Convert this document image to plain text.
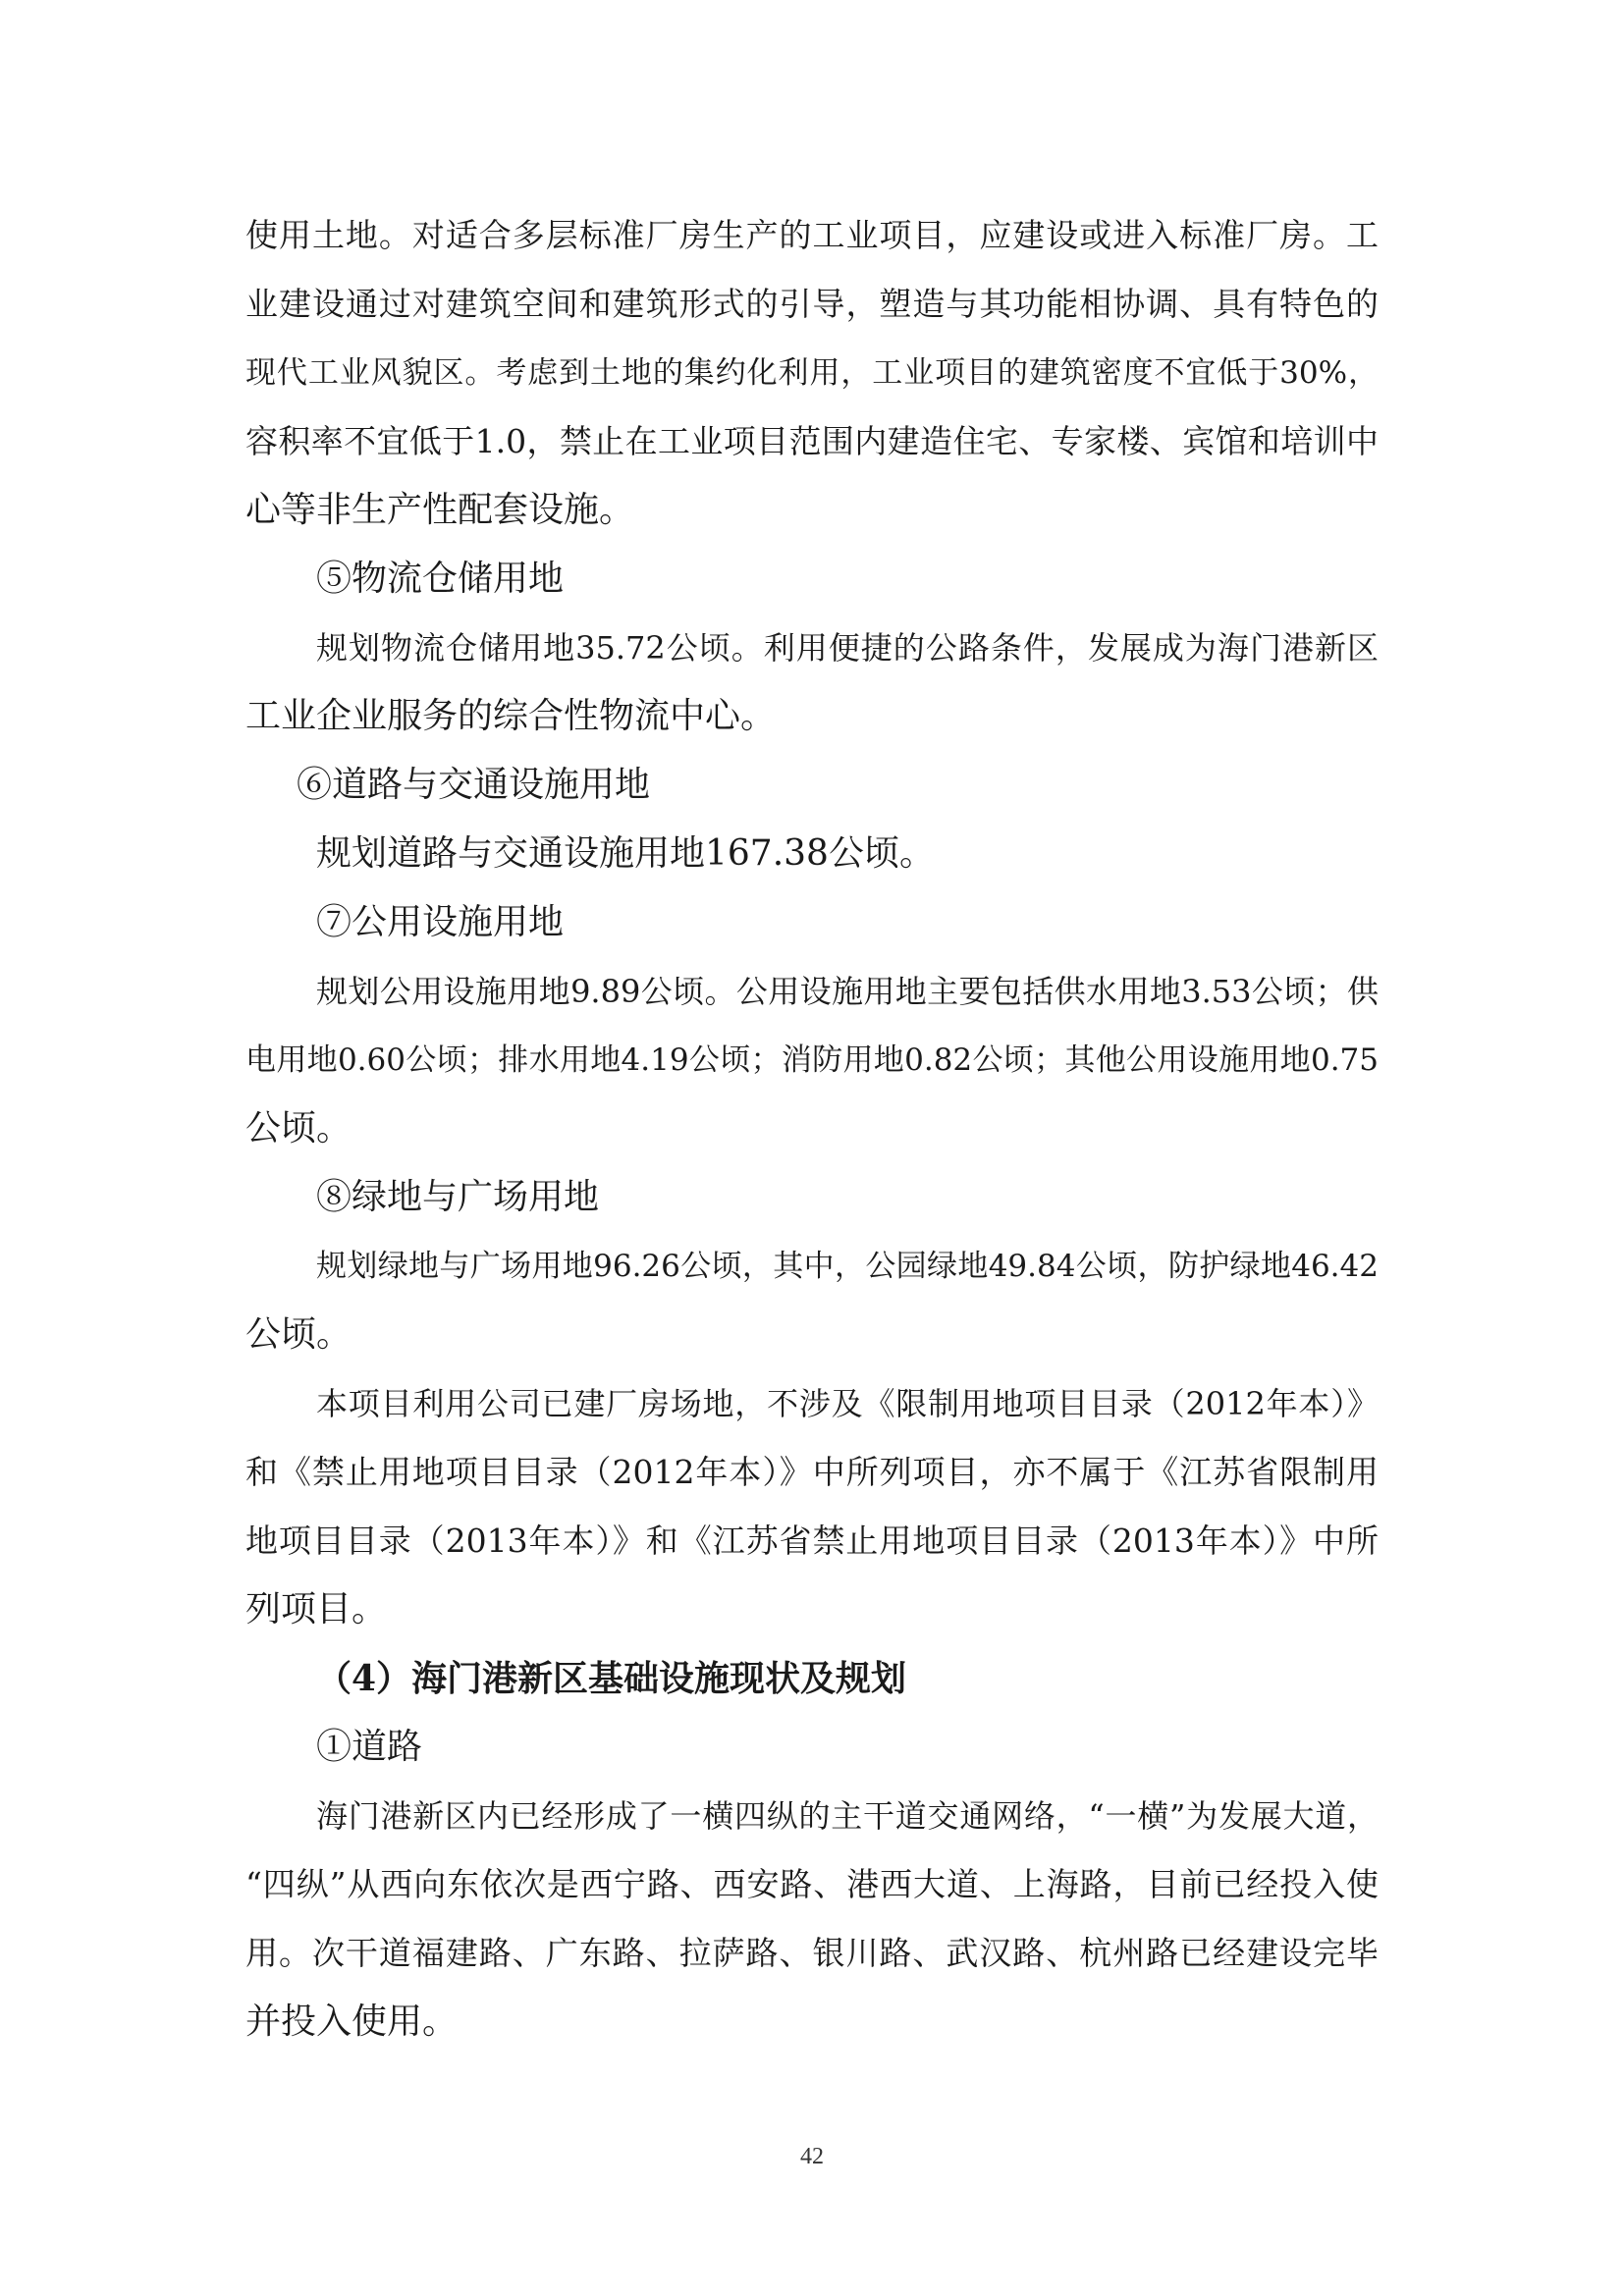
使用土地。对适合多层标准厂房生产的工业项目，应建设或进入标准厂房。工
业建设通过对建筑空间和建筑形式的引导，塑造与其功能相协调、具有特色的
现代工业风貌区。考虑到土地的集约化利用，工业项目的建筑密度不宜低于30%，
容积率不宜低于1.0，禁止在工业项目范围内建造住宅、专家楼、宾馆和培训中
心等非生产性配套设施。
⑤物流仓储用地
规划物流仓储用地35.72公顷。利用便捷的公路条件，发展成为海门港新区
工业企业服务的综合性物流中心。
⑥道路与交通设施用地
规划道路与交通设施用地167.38公顷。
⑦公用设施用地
规划公用设施用地9.89公顷。公用设施用地主要包括供水用地3.53公顷；供
电用地0.60公顷；排水用地4.19公顷；消防用地0.82公顷；其他公用设施用地0.75
公顷。
⑧绿地与广场用地
规划绿地与广场用地96.26公顷，其中，公园绿地49.84公顷，防护绿地46.42
公顷。
本项目利用公司已建厂房场地，不涉及《限制用地项目目录（2012年本）》
和《禁止用地项目目录（2012年本）》中所列项目，亦不属于《江苏省限制用
地项目目录（2013年本）》和《江苏省禁止用地项目目录（2013年本）》中所
列项目。
（4）海门港新区基础设施现状及规划
①道路
海门港新区内已经形成了一横四纵的主干道交通网络，“一横”为发展大道，
“四纵”从西向东依次是西宁路、西安路、港西大道、上海路，目前已经投入使
用。次干道福建路、广东路、拉萨路、银川路、武汉路、杭州路已经建设完毕
并投入使用。
42
